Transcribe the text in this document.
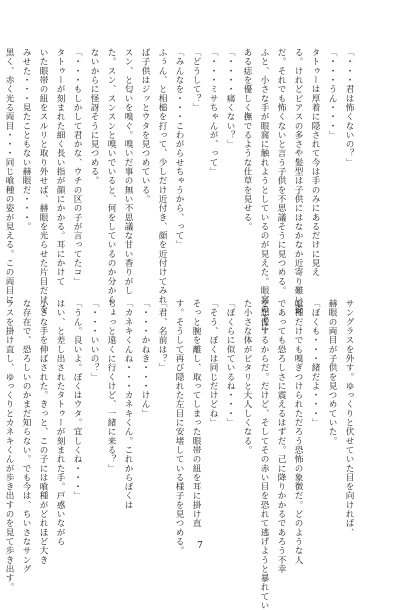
「・・・君は怖くないの？」
「・・・うん・・・」
タトゥーは厚着に隠されて今は手のみにあるだけに見え
る。けれどピアスの多さや髪型は子供にはなかなか近寄り難い姿
だ。それでも怖くないと言う子供を不思議そうに見つめる。
ふと、小さな手が眼窩に触れようとしているのが見えた。眼窩の下に
ある痣を優しく撫でるような仕草を見せる。
「・・・・痛くない？」
「・・・ミサちゃんが、って」
「どうして？」
「みんなを・・・こわがらせちゃうから、って」
ふぅん、と相槌を打って、少しだけ近付き、顔を近付けてみれ
ば子供はジッとウタを見つめている。
スン、と匂いを嗅ぐ。嗅いだ事の無い不思議な甘い香りがし
た。スン、スンスンと嗅いでいると、何をしているのか分から
ないからに怪訝そうに見つめる。
「・・・もしかして君かな、ウチの区の子が言ってたコ」
タトゥーが刻まれた細く長い指が顔にかかる。耳にかけて
いた眼帯の紐をスルリと取り外せば、赫眼を光らせた片目だけを
みせた・・・見たこともない赫眼だ・・・。
黒く、赤く光る両目・・・同じ喰種の姿が見える。この両目に
サングラスを外す。ゆっくりと伏せていた目を向ければ、
赫眼の両目が子供を見つめていた。
「ぼくも・・・緒だよ・・・」
喰種だけでも嗅ぎつけられただろう恐怖の象徴だ。どのような人
であっても恐ろしさに震えるはずだ。己に降りかかるであろう不幸
を想像するからだ。だけど、そしてその赤い目を恐れて逃げようと暴れてい
た小さな体がピタリと大人しくなる。
「ぼくらに似ているね・・・」
「そう、ぼくは同じだけどね」
そっと腕を離し、取ってしまった眼帯の紐を耳に掛け直
す。そうして再び隠れた左目に安堵している様子を見つめる。
「君、名前は？」
「・・・かねき・・・けん」
「カネキくんね・・・カネキくん。これからぼくは
ちょっと遠くに行くけど、一緒に来る？」
「・・・いいの？」
「うん。良いよ。ぼくはウタ。宜しくね・・・」
はい、と差し出されたタトゥーが刻まれた手。戸惑いながら
小さな手を伸ばされた。きっと、この子には喰種がどれほど大き
な存在で、恐ろしいのかまだ知らない。でも今は、ちいさなサング
ラスを掛け直し、ゆっくりとカネキくんが歩き出すのを見て歩き出す。	7
